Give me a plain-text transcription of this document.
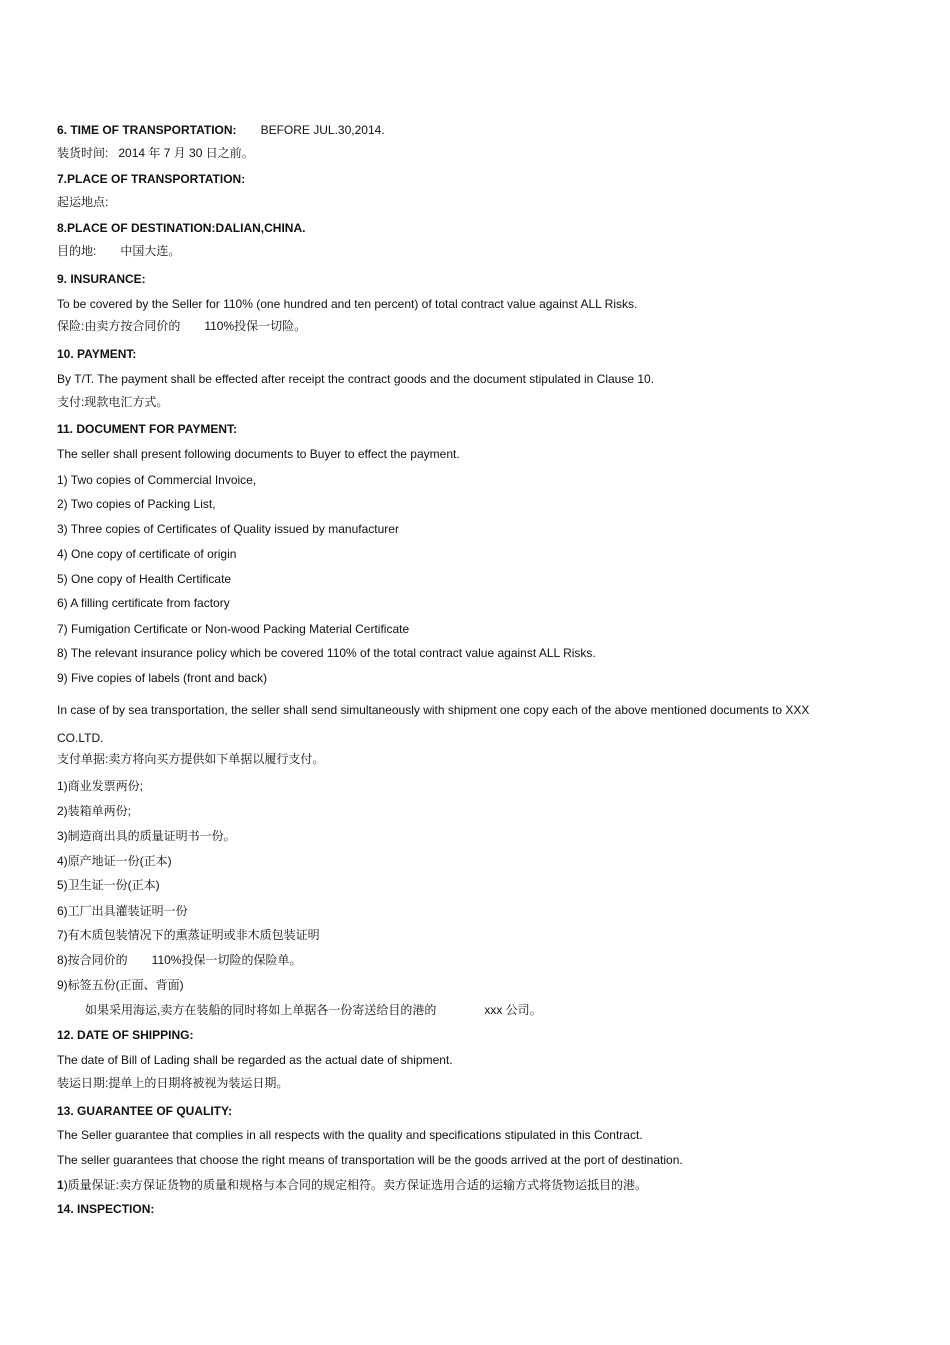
6. TIME OF TRANSPORTATION: BEFORE JUL.30,2014.
装货时间: 2014 年 7 月 30 日之前。
7.PLACE OF TRANSPORTATION:
起运地点:
8.PLACE OF DESTINATION:DALIAN,CHINA.
目的地: 中国大连。
9. INSURANCE:
To be covered by the Seller for 110% (one hundred and ten percent) of total contract value against ALL Risks.
保险:由卖方按合同价的 110%投保一切险。
10. PAYMENT:
By T/T. The payment shall be effected after receipt the contract goods and the document stipulated in Clause 10.
支付:现款电汇方式。
11. DOCUMENT FOR PAYMENT:
The seller shall present following documents to Buyer to effect the payment.
1) Two copies of Commercial Invoice,
2) Two copies of Packing List,
3) Three copies of Certificates of Quality issued by manufacturer
4) One copy of certificate of origin
5) One copy of Health Certificate
6) A filling certificate from factory
7) Fumigation Certificate or Non-wood Packing Material Certificate
8) The relevant insurance policy which be covered 110% of the total contract value against ALL Risks.
9) Five copies of labels (front and back)
In case of by sea transportation, the seller shall send simultaneously with shipment one copy each of the above mentioned documents to XXX
CO.LTD.
支付单据:卖方将向买方提供如下单据以履行支付。
1)商业发票两份;
2)装箱单两份;
3)制造商出具的质量证明书一份。
4)原产地证一份(正本)
5)卫生证一份(正本)
6)工厂出具灌装证明一份
7)有木质包装情况下的熏蒸证明或非木质包装证明
8)按合同价的 110%投保一切险的保险单。
9)标签五份(正面、背面)
如果采用海运,卖方在装船的同时将如上单据各一份寄送给目的港的	xxx 公司。
12. DATE OF SHIPPING:
The date of Bill of Lading shall be regarded as the actual date of shipment.
装运日期:提单上的日期将被视为装运日期。
13. GUARANTEE OF QUALITY:
The Seller guarantee that complies in all respects with the quality and specifications stipulated in this Contract.
The seller guarantees that choose the right means of transportation will be the goods arrived at the port of destination.
1)质量保证:卖方保证货物的质量和规格与本合同的规定相符。卖方保证选用合适的运输方式将货物运抵目的港。
14. INSPECTION:
